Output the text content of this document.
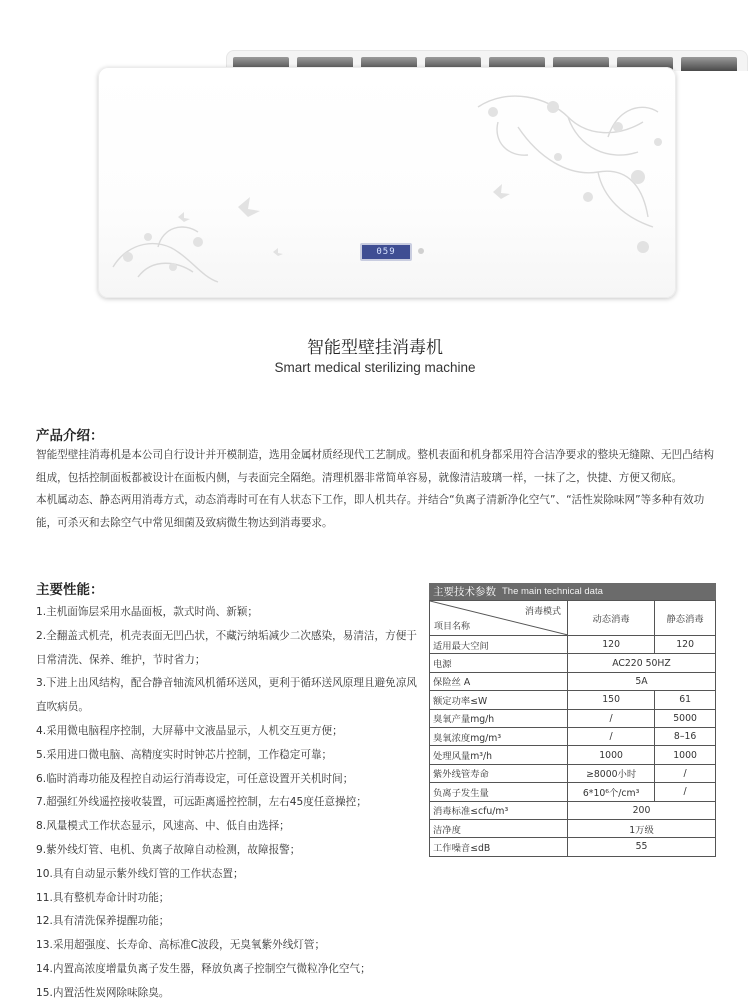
059
智能型壁挂消毒机
Smart medical sterilizing machine
产品介绍：

智能型壁挂消毒机是本公司自行设计并开模制造，选用金属材质经现代工艺制成。整机表面和机身都采用符合洁净要求的整块无缝隙、无凹凸结构组成，包括控制面板都被设计在面板内侧，与表面完全隔绝。清理机器非常简单容易，就像清洁玻璃一样，一抹了之，快捷、方便又彻底。

本机属动态、静态两用消毒方式，动态消毒时可在有人状态下工作，即人机共存。并结合“负离子清新净化空气”、“活性炭除味网”等多种有效功能，可杀灭和去除空气中常见细菌及致病微生物达到消毒要求。

主要性能：
1.主机面饰层采用水晶面板，款式时尚、新颖；
2.全翻盖式机壳，机壳表面无凹凸状，不藏污纳垢减少二次感染，易清洁，方便于日常清洗、保养、维护，节时省力；
3.下进上出风结构，配合静音轴流风机循环送风，更利于循环送风原理且避免凉风直吹病员。
4.采用微电脑程序控制，大屏幕中文液晶显示，人机交互更方便；
5.采用进口微电脑、高精度实时时钟芯片控制，工作稳定可靠；
6.临时消毒功能及程控自动运行消毒设定，可任意设置开关机时间；
7.超强红外线遥控接收装置，可远距离遥控控制，左右45度任意操控；
8.风量模式工作状态显示，风速高、中、低自由选择；
9.紫外线灯管、电机、负离子故障自动检测，故障报警；
10.具有自动显示紫外线灯管的工作状态置；
11.具有整机寿命计时功能；
12.具有清洗保养提醒功能；
13.采用超强度、长寿命、高标准C波段，无臭氧紫外线灯管；
14.内置高浓度增量负离子发生器，释放负离子控制空气微粒净化空气；
15.内置活性炭网除味除臭。
主要技术参数 The main technical data
消毒模式
项目名称	动态消毒	静态消毒
适用最大空间	120	120
电源	AC220 50HZ	
保险丝 A	5A	
额定功率≤W	150	61
臭氧产量mg/h	/	5000
臭氧浓度mg/m³	/	8–16
处理风量m³/h	1000	1000
紫外线管寿命	≥8000小时	/
负离子发生量	6*10⁶个/cm³	/
消毒标准≤cfu/m³	200	
洁净度	1万级	
工作噪音≤dB	55	
